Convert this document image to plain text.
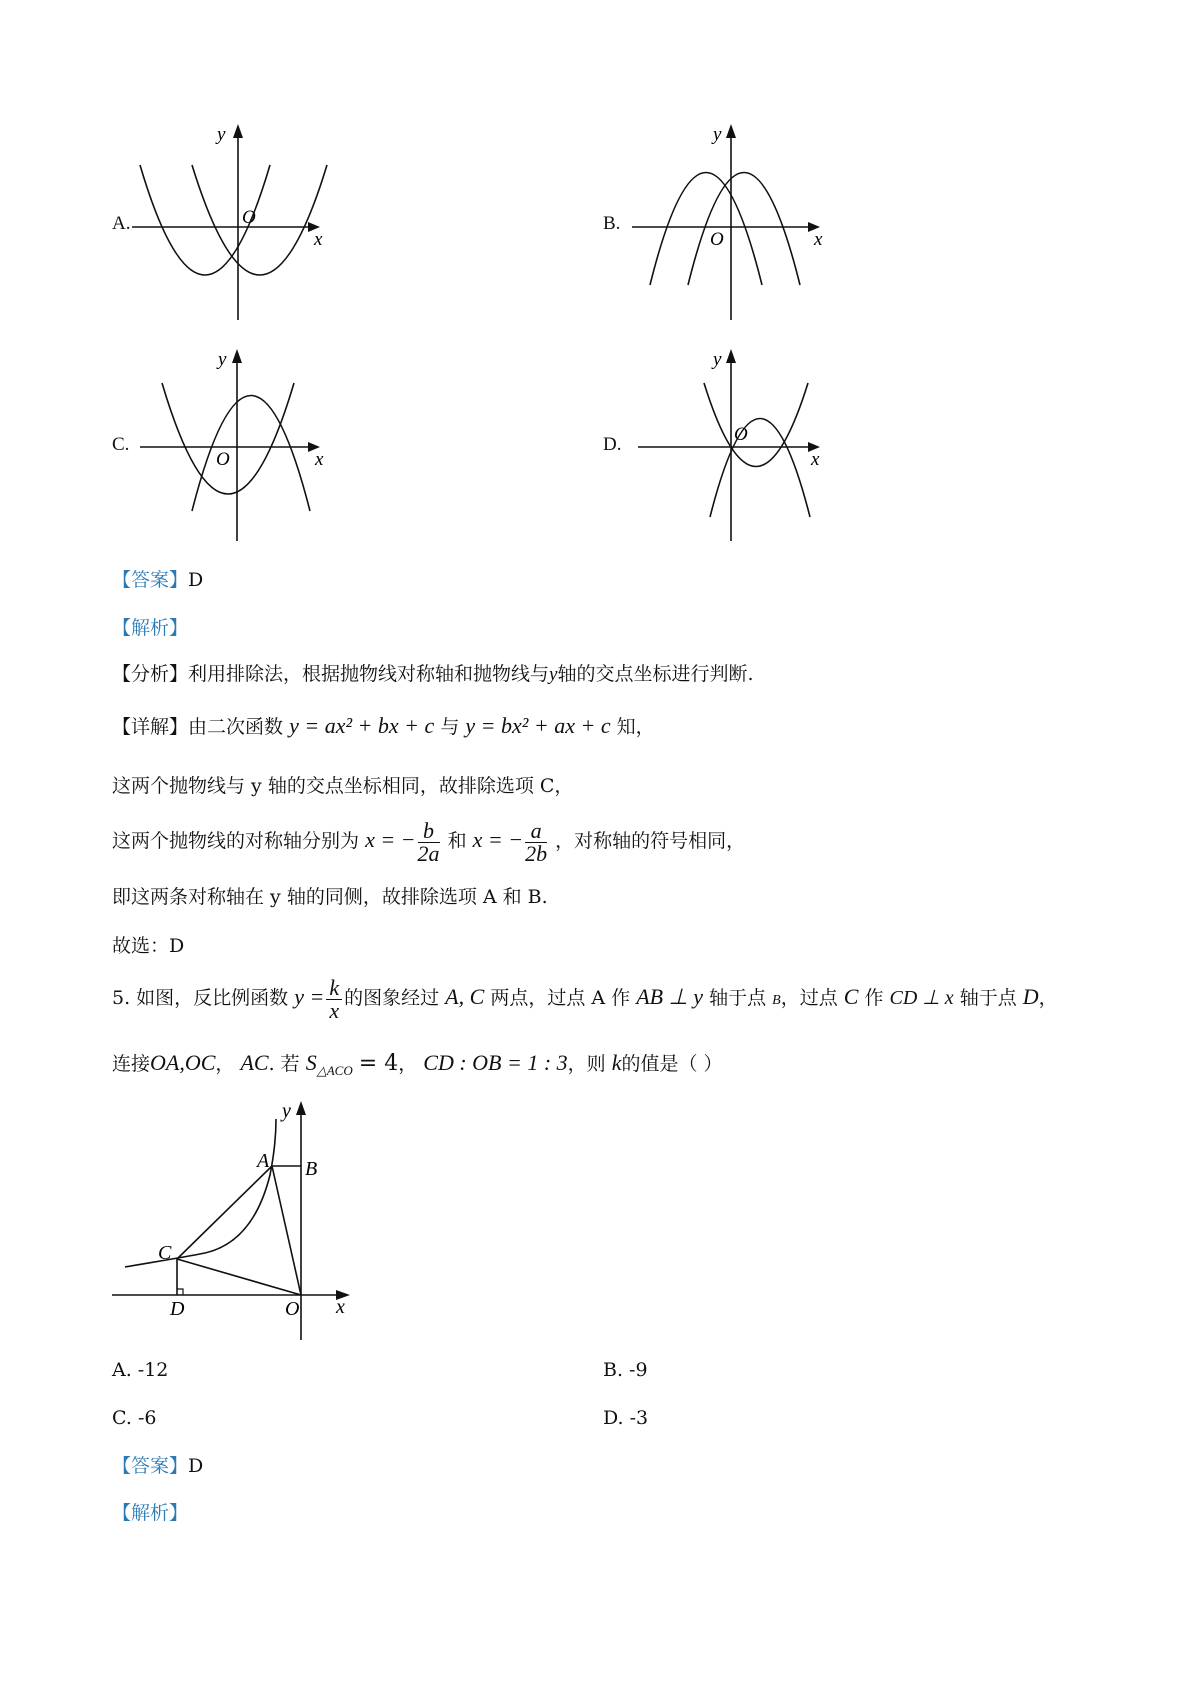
A.
y
x
O	B.
y
x
O
C.
y
x
O
D.
y
x
O
【答案】D
【解析】
【分析】利用排除法，根据抛物线对称轴和抛物线与y轴的交点坐标进行判断.
【详解】由二次函数 y = ax² + bx + c 与 y = bx² + ax + c 知，
这两个抛物线与 y 轴的交点坐标相同，故排除选项 C，
这两个抛物线的对称轴分别为 x = − $\frac{b}{2a}$ 和 x = − $\frac{a}{2b}$ ，对称轴的符号相同，
即这两条对称轴在 y 轴的同侧，故排除选项 A 和 B.
故选：D
5. 如图，反比例函数 $y = \frac{k}{x}$ 的图象经过 A, C 两点，过点 A 作 AB ⊥ y 轴于点 B，过点 C 作 CD ⊥ x 轴于点 D，
连接OA,OC， AC. 若 $S_{\triangle ACO} = 4$， CD : OB = 1 : 3，则 k的值是（ ）
A B
C
D	O x
y
A. -12	B. -9
C. -6	D. -3
【答案】D
【解析】
